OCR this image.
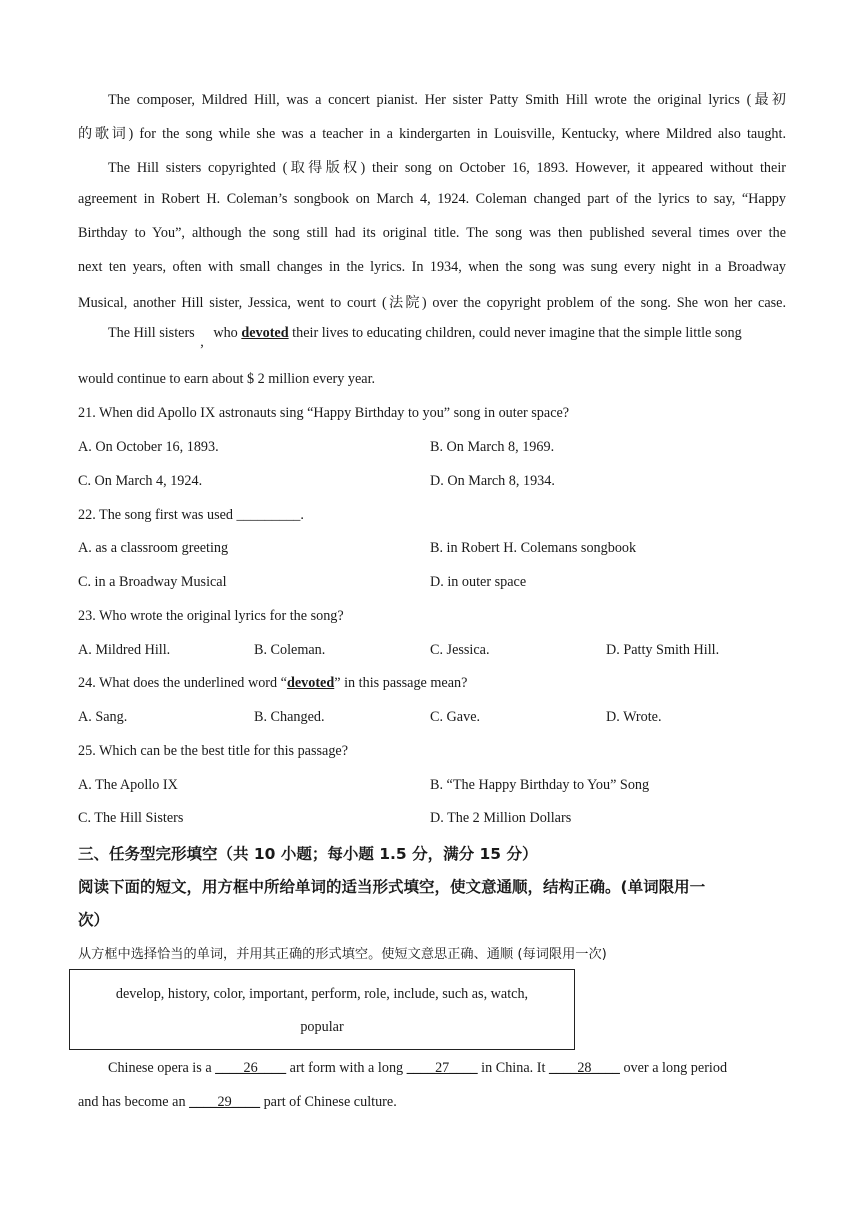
The composer, Mildred Hill, was a concert pianist. Her sister Patty Smith Hill wrote the original lyrics (最初
的歌词) for the song while she was a teacher in a kindergarten in Louisville, Kentucky, where Mildred also taught.
The Hill sisters copyrighted (取得版权) their song on October 16, 1893. However, it appeared without their
agreement in Robert H. Coleman’s songbook on March 4, 1924. Coleman changed part of the lyrics to say, “Happy
Birthday to You”, although the song still had its original title. The song was then published several times over the
next ten years, often with small changes in the lyrics. In 1934, when the song was sung every night in a Broadway
Musical, another Hill sister, Jessica, went to court (法院) over the copyright problem of the song. She won her case.
The Hill sisters , who devoted their lives to educating children, could never imagine that the simple little song
would continue to earn about $ 2 million every year.
21. When did Apollo IX astronauts sing “Happy Birthday to you” song in outer space?
A. On October 16, 1893.	B. On March 8, 1969.
C. On March 4, 1924.	D. On March 8, 1934.
22. The song first was used _________.
A. as a classroom greeting	B. in Robert H. Colemans songbook
C. in a Broadway Musical	D. in outer space
23. Who wrote the original lyrics for the song?
A. Mildred Hill.	B. Coleman.	C. Jessica.	D. Patty Smith Hill.
24. What does the underlined word “devoted” in this passage mean?
A. Sang.	B. Changed.	C. Gave.	D. Wrote.
25. Which can be the best title for this passage?
A. The Apollo IX	B. “The Happy Birthday to You” Song
C. The Hill Sisters	D. The 2 Million Dollars
三、任务型完形填空（共 10 小题；每小题 1.5 分，满分 15 分）
阅读下面的短文，用方框中所给单词的适当形式填空，使文意通顺，结构正确。(单词限用一
次）
从方框中选择恰当的单词，并用其正确的形式填空。使短文意思正确、通顺 (每词限用一次)
develop, history, color, important, perform, role, include, such as, watch,
popular
Chinese opera is a ____26____ art form with a long ____27____ in China. It ____28____ over a long period
and has become an ____29____ part of Chinese culture.
